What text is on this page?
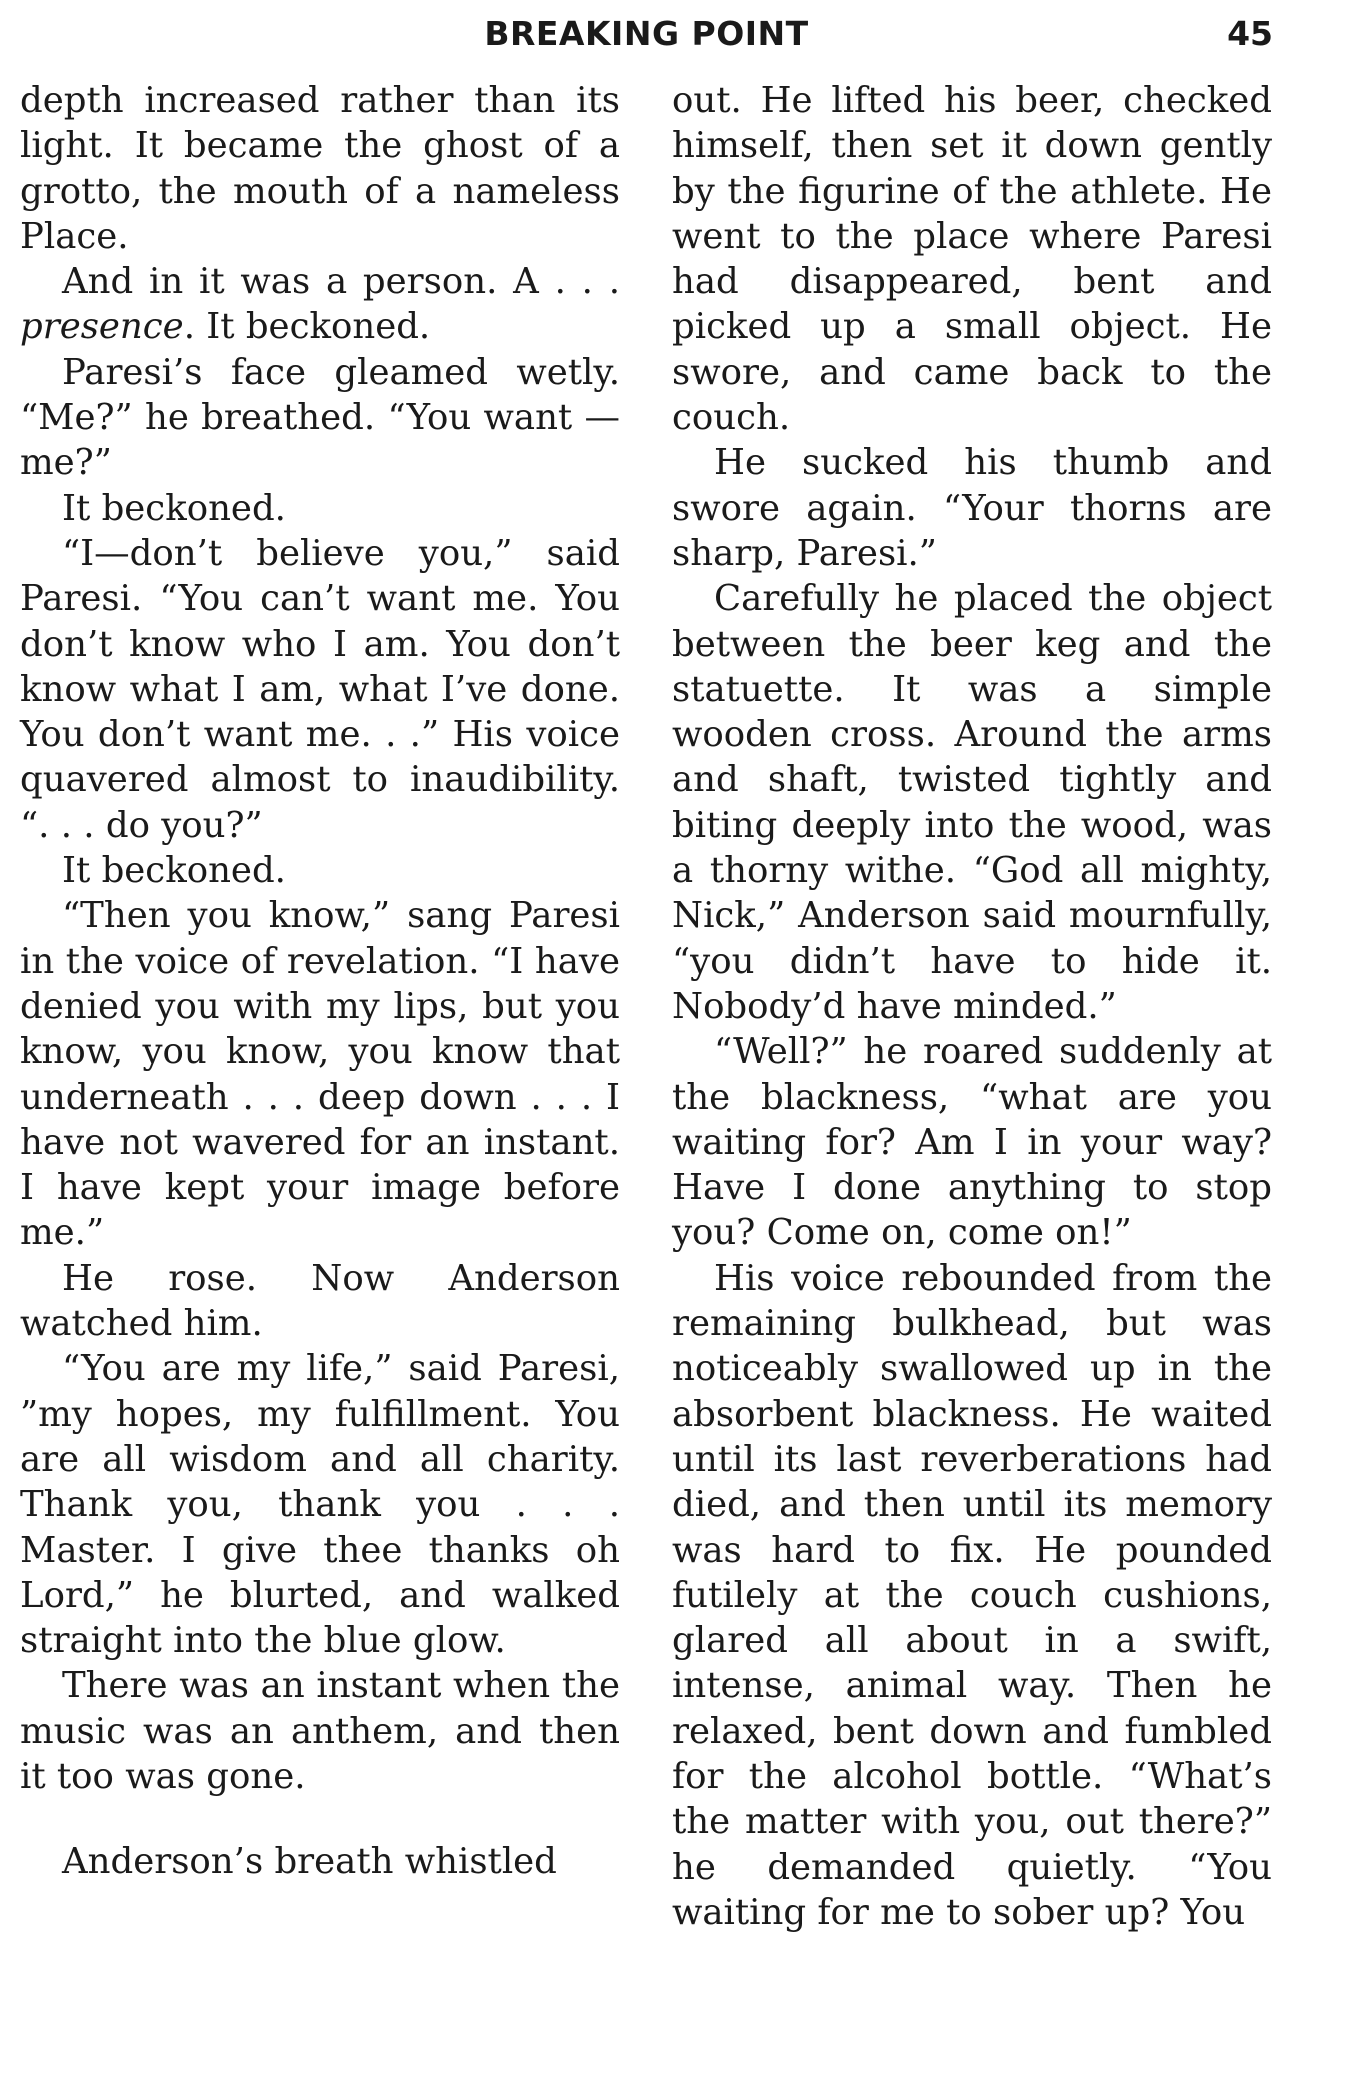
BREAKING POINT	45

depth increased rather than its light. It became the ghost of a grotto, the mouth of a nameless Place.

And in it was a person. A . . . presence. It beckoned.

Paresi’s face gleamed wetly. “Me?” he breathed. “You want —me?”

It beckoned.

“I—don’t believe you,” said Paresi. “You can’t want me. You don’t know who I am. You don’t know what I am, what I’ve done. You don’t want me. . .” His voice quavered almost to inaudibility. “. . . do you?”

It beckoned.

“Then you know,” sang Paresi in the voice of revelation. “I have denied you with my lips, but you know, you know, you know that underneath . . . deep down . . . I have not wavered for an instant. I have kept your image before me.”

He rose. Now Anderson watched him.

“You are my life,” said Paresi, ”my hopes, my fulfillment. You are all wisdom and all charity. Thank you, thank you . . . Master. I give thee thanks oh Lord,” he blurted, and walked straight into the blue glow.

There was an instant when the music was an anthem, and then it too was gone.

Anderson’s breath whistled

out. He lifted his beer, checked himself, then set it down gently by the figurine of the athlete. He went to the place where Paresi had disappeared, bent and picked up a small object. He swore, and came back to the couch.

He sucked his thumb and swore again. “Your thorns are sharp, Paresi.”

Carefully he placed the object between the beer keg and the statuette. It was a simple wooden cross. Around the arms and shaft, twisted tightly and biting deeply into the wood, was a thorny withe. “God all mighty, Nick,” Anderson said mournfully, “you didn’t have to hide it. Nobody’d have minded.”

“Well?” he roared suddenly at the blackness, “what are you waiting for? Am I in your way? Have I done anything to stop you? Come on, come on!”

His voice rebounded from the remaining bulkhead, but was noticeably swallowed up in the absorbent blackness. He waited until its last reverberations had died, and then until its memory was hard to fix. He pounded futilely at the couch cushions, glared all about in a swift, intense, animal way. Then he relaxed, bent down and fumbled for the alcohol bottle. “What’s the matter with you, out there?” he demanded quietly. “You waiting for me to sober up? You
